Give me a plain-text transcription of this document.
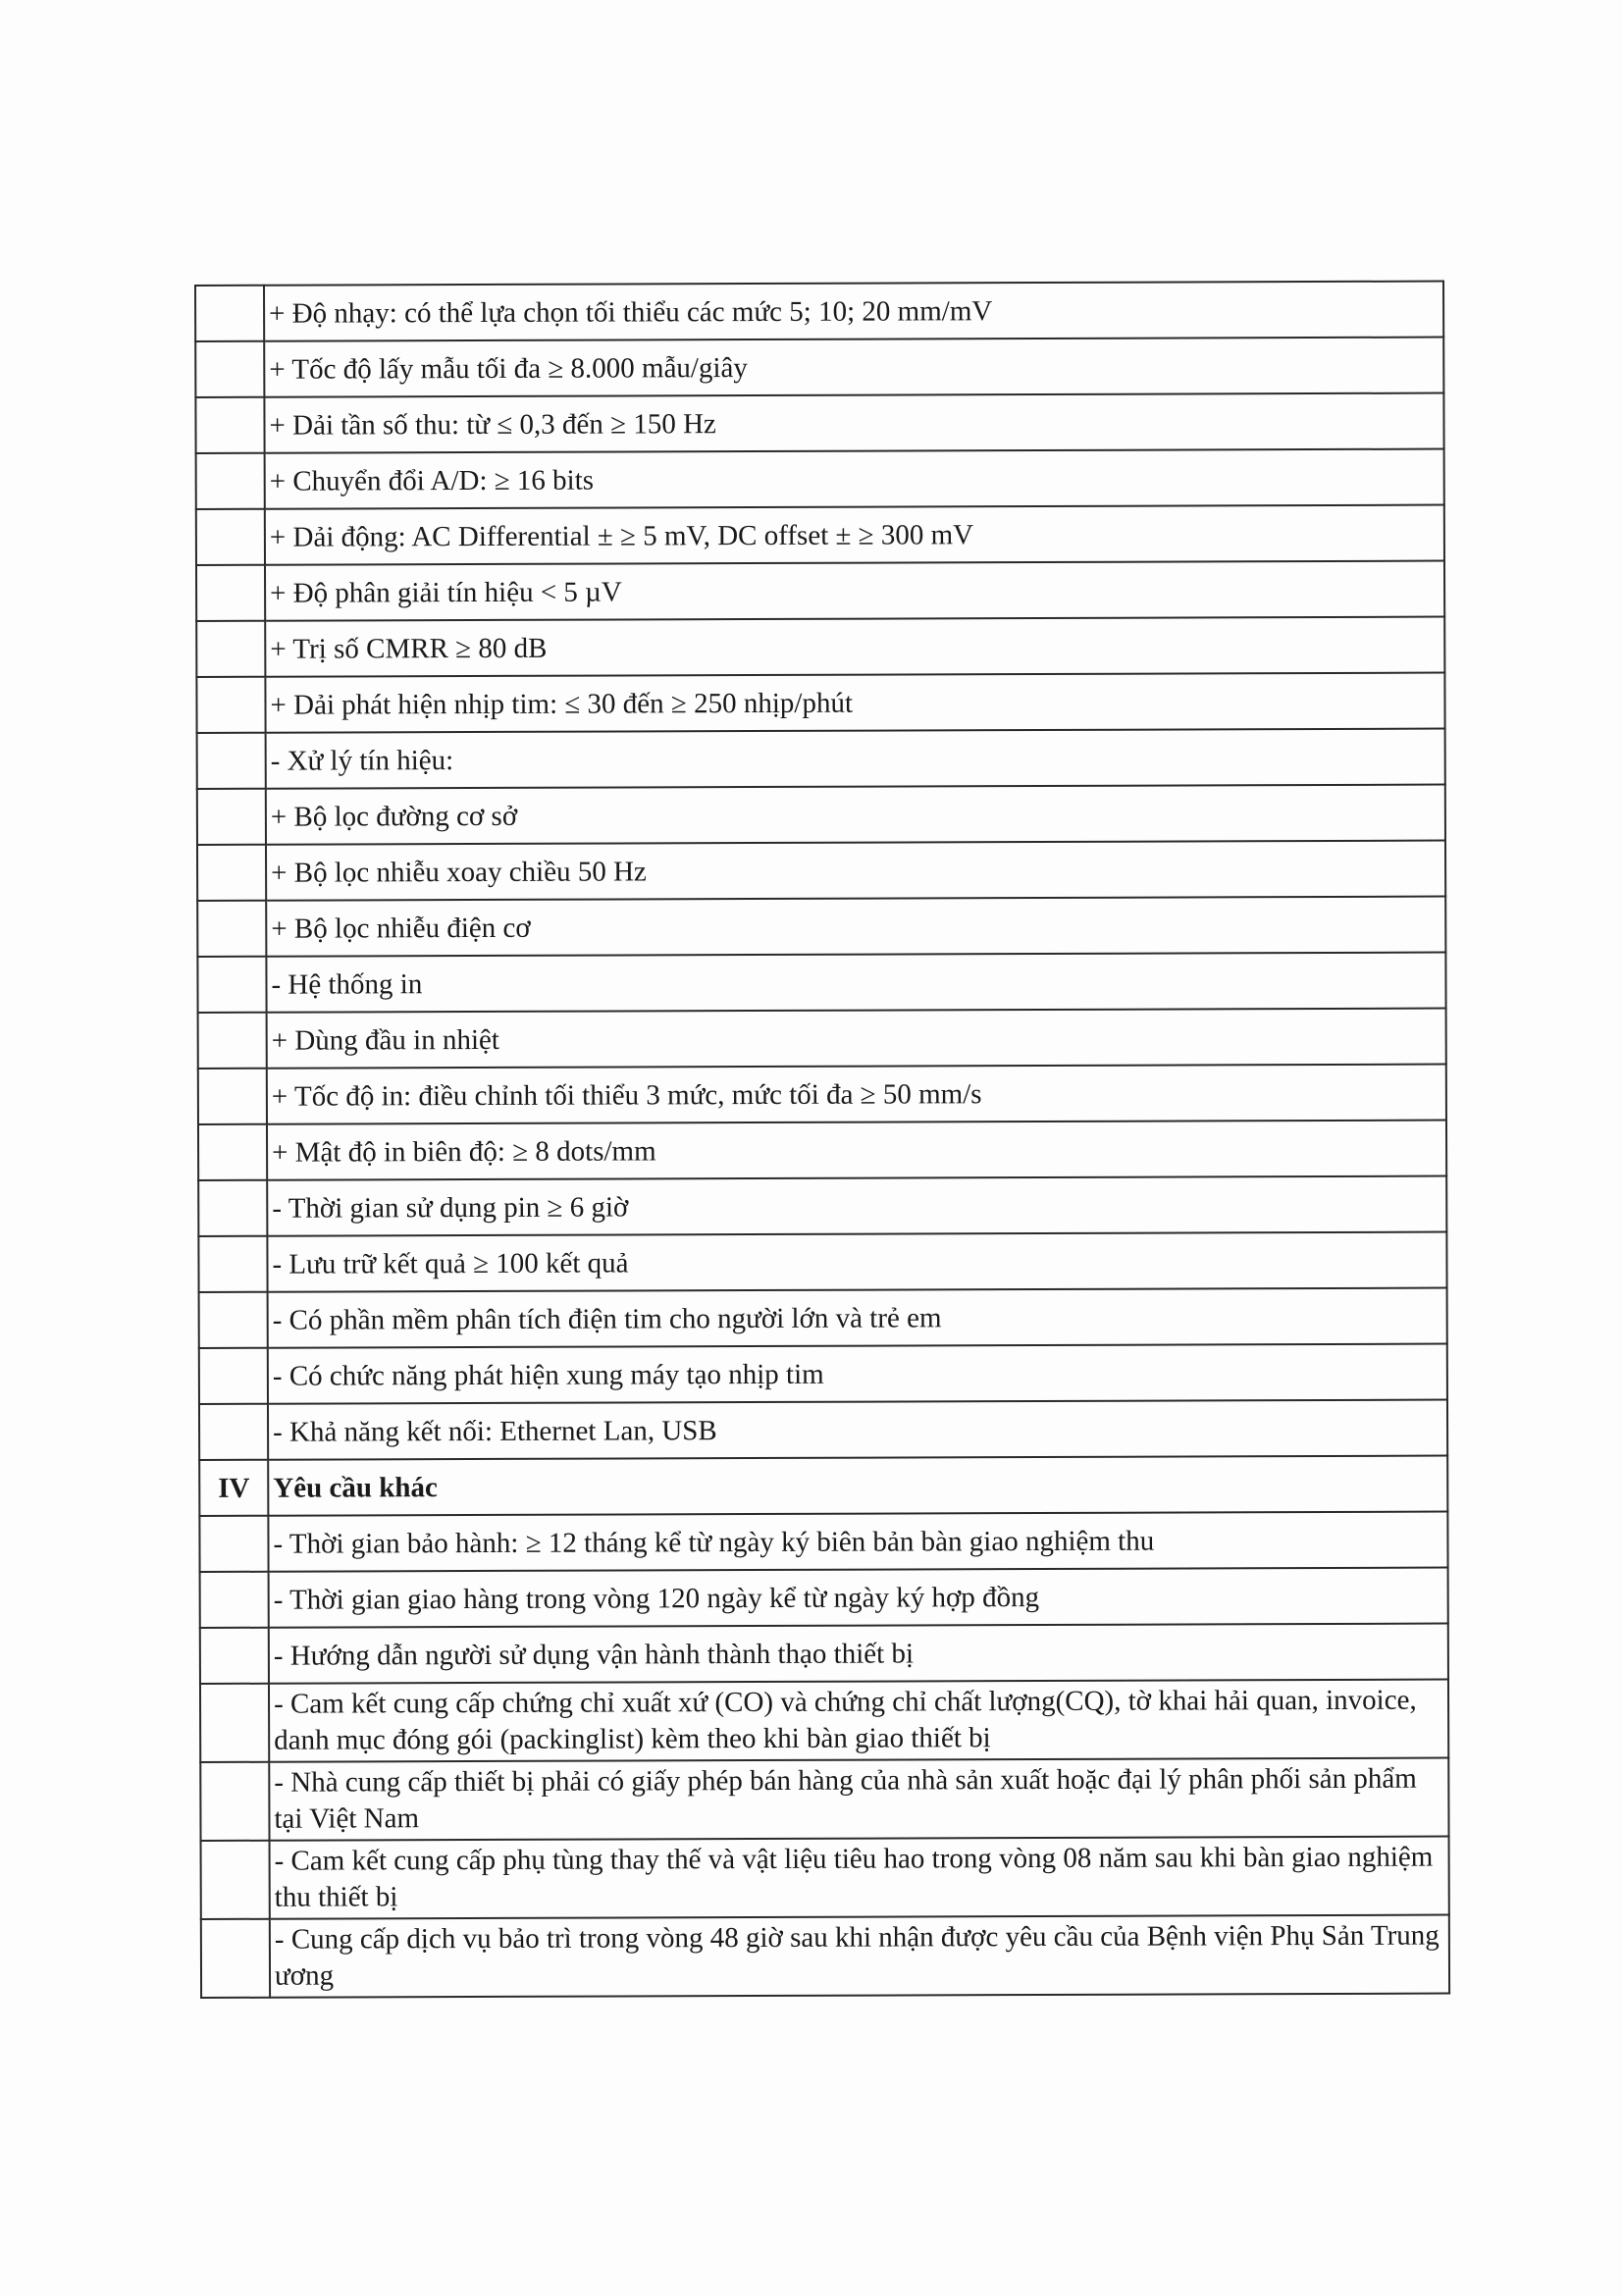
	+ Độ nhạy: có thể lựa chọn tối thiểu các mức 5; 10; 20 mm/mV
	+ Tốc độ lấy mẫu tối đa ≥ 8.000 mẫu/giây
	+ Dải tần số thu: từ ≤ 0,3 đến ≥ 150 Hz
	+ Chuyển đổi A/D: ≥ 16 bits
	+ Dải động: AC Differential ± ≥ 5 mV, DC offset ± ≥ 300 mV
	+ Độ phân giải tín hiệu < 5 µV
	+ Trị số CMRR ≥ 80 dB
	+ Dải phát hiện nhịp tim: ≤ 30 đến ≥ 250 nhịp/phút
	- Xử lý tín hiệu:
	+ Bộ lọc đường cơ sở
	+ Bộ lọc nhiễu xoay chiều 50 Hz
	+ Bộ lọc nhiễu điện cơ
	- Hệ thống in
	+ Dùng đầu in nhiệt
	+ Tốc độ in: điều chỉnh tối thiểu 3 mức, mức tối đa ≥ 50 mm/s
	+ Mật độ in biên độ: ≥ 8 dots/mm
	- Thời gian sử dụng pin ≥ 6 giờ
	- Lưu trữ kết quả ≥ 100 kết quả
	- Có phần mềm phân tích điện tim cho người lớn và trẻ em
	- Có chức năng phát hiện xung máy tạo nhịp tim
	- Khả năng kết nối: Ethernet Lan, USB
IV	Yêu cầu khác
	- Thời gian bảo hành: ≥ 12 tháng kể từ ngày ký biên bản bàn giao nghiệm thu
	- Thời gian giao hàng trong vòng 120 ngày kể từ ngày ký hợp đồng
	- Hướng dẫn người sử dụng vận hành thành thạo thiết bị
	- Cam kết cung cấp chứng chỉ xuất xứ (CO) và chứng chỉ chất lượng(CQ), tờ khai hải quan, invoice, danh mục đóng gói (packinglist) kèm theo khi bàn giao thiết bị
	- Nhà cung cấp thiết bị phải có giấy phép bán hàng của nhà sản xuất hoặc đại lý phân phối sản phẩm tại Việt Nam
	- Cam kết cung cấp phụ tùng thay thế và vật liệu tiêu hao trong vòng 08 năm sau khi bàn giao nghiệm thu thiết bị
	- Cung cấp dịch vụ bảo trì trong vòng 48 giờ sau khi nhận được yêu cầu của Bệnh viện Phụ Sản Trung ương
